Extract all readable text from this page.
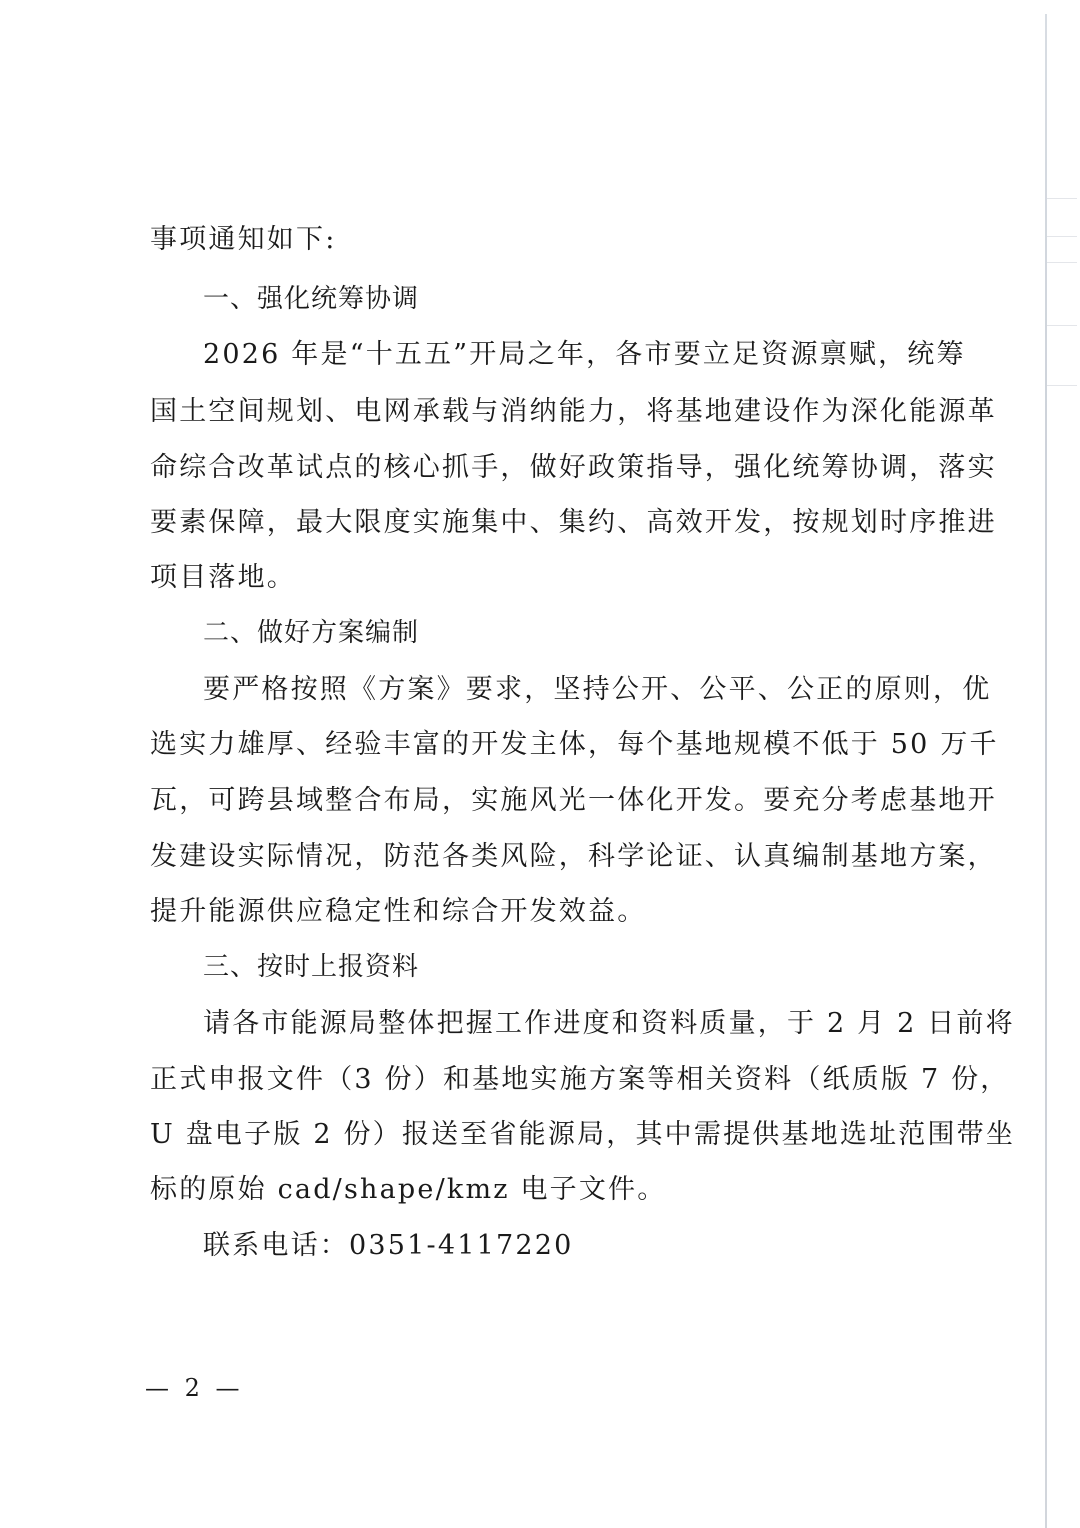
事项通知如下:
一、强化统筹协调
2026 年是“十五五”开局之年，各市要立足资源禀赋，统筹
国土空间规划、电网承载与消纳能力，将基地建设作为深化能源革
命综合改革试点的核心抓手，做好政策指导，强化统筹协调，落实
要素保障，最大限度实施集中、集约、高效开发，按规划时序推进
项目落地。
二、做好方案编制
要严格按照《方案》要求，坚持公开、公平、公正的原则，优
选实力雄厚、经验丰富的开发主体，每个基地规模不低于 50 万千
瓦，可跨县域整合布局，实施风光一体化开发。要充分考虑基地开
发建设实际情况，防范各类风险，科学论证、认真编制基地方案，
提升能源供应稳定性和综合开发效益。
三、按时上报资料
请各市能源局整体把握工作进度和资料质量，于 2 月 2 日前将
正式申报文件（3 份）和基地实施方案等相关资料（纸质版 7 份，
U 盘电子版 2 份）报送至省能源局，其中需提供基地选址范围带坐
标的原始 cad/shape/kmz 电子文件。
联系电话：0351-4117220
— 2 —
